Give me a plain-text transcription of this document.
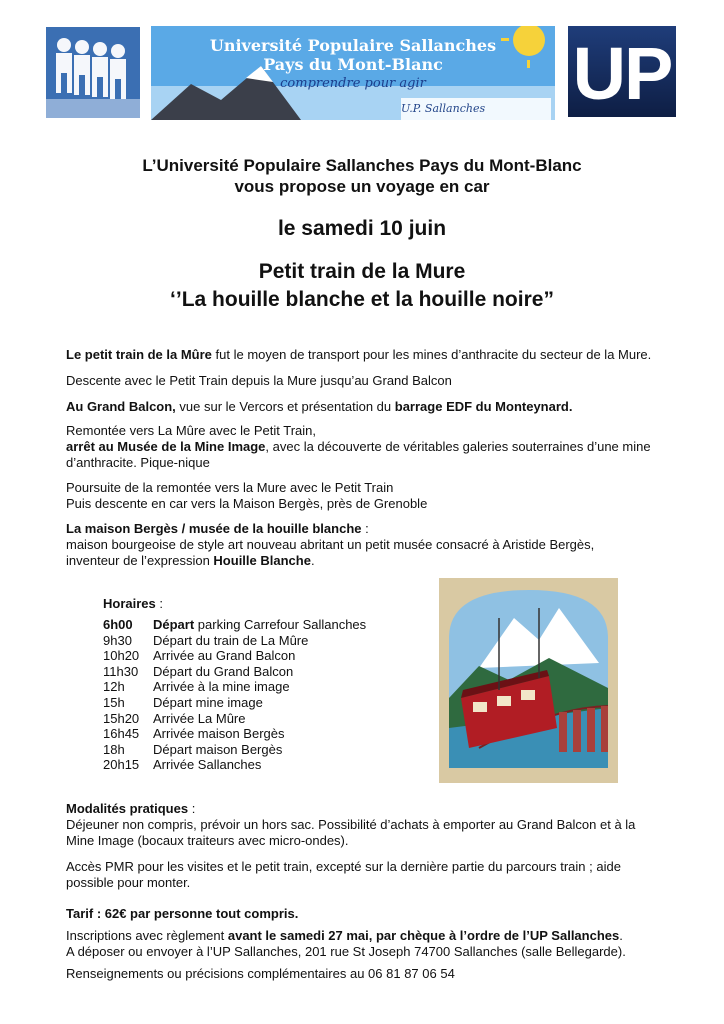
Université Populaire Sallanches
Pays du Mont-Blanc
comprendre pour agir
U.P. Sallanches UP
L’Université Populaire Sallanches Pays du Mont-Blanc
vous propose un voyage en car
le samedi 10 juin
Petit train de la Mure
‘’La houille blanche et la houille noire”
Le petit train de la Mûre fut le moyen de transport pour les mines d’anthracite du secteur de la Mure.
Descente avec le Petit Train depuis la Mure jusqu’au Grand Balcon
Au Grand Balcon, vue sur le Vercors et présentation du barrage EDF du Monteynard.
Remontée vers La Mûre avec le Petit Train,
arrêt au Musée de la Mine Image, avec la découverte de véritables galeries souterraines d’une mine d’anthracite. Pique-nique
Poursuite de la remontée vers la Mure avec le Petit Train
Puis descente en car vers la Maison Bergès, près de Grenoble
La maison Bergès / musée de la houille blanche :
maison bourgeoise de style art nouveau abritant un petit musée consacré à Aristide Bergès,
inventeur de l’expression Houille Blanche.
Horaires :
6h00 Départ parking Carrefour Sallanches
9h30 Départ du train de La Mûre
10h20 Arrivée au Grand Balcon
11h30 Départ du Grand Balcon
12h Arrivée à la mine image
15h Départ mine image
15h20 Arrivée La Mûre
16h45 Arrivée maison Bergès
18h Départ maison Bergès
20h15 Arrivée Sallanches
Modalités pratiques :
Déjeuner non compris, prévoir un hors sac. Possibilité d’achats à emporter au Grand Balcon et à la
Mine Image (bocaux traiteurs avec micro-ondes).
Accès PMR pour les visites et le petit train, excepté sur la dernière partie du parcours train ; aide
possible pour monter.
Tarif : 62€ par personne tout compris.
Inscriptions avec règlement avant le samedi 27 mai, par chèque à l’ordre de l’UP Sallanches.
A déposer ou envoyer à l’UP Sallanches, 201 rue St Joseph 74700 Sallanches (salle Bellegarde).
Renseignements ou précisions complémentaires au 06 81 87 06 54
